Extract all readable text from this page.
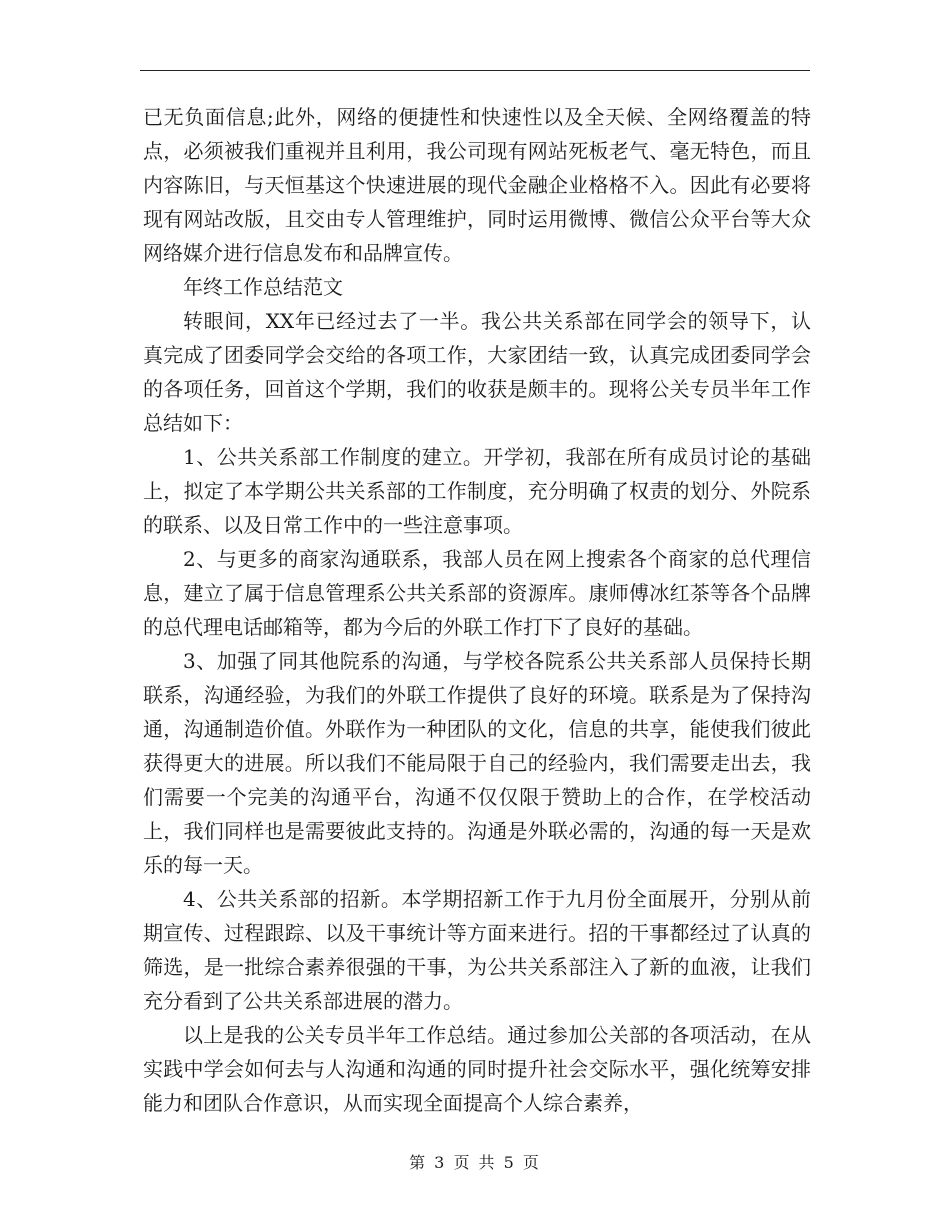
已无负面信息;此外，网络的便捷性和快速性以及全天候、全网络覆盖的特点，必须被我们重视并且利用，我公司现有网站死板老气、毫无特色，而且内容陈旧，与天恒基这个快速进展的现代金融企业格格不入。因此有必要将现有网站改版，且交由专人管理维护，同时运用微博、微信公众平台等大众网络媒介进行信息发布和品牌宣传。

年终工作总结范文

转眼间，XX年已经过去了一半。我公共关系部在同学会的领导下，认真完成了团委同学会交给的各项工作，大家团结一致，认真完成团委同学会的各项任务，回首这个学期，我们的收获是颇丰的。现将公关专员半年工作总结如下：

1、公共关系部工作制度的建立。开学初，我部在所有成员讨论的基础上，拟定了本学期公共关系部的工作制度，充分明确了权责的划分、外院系的联系、以及日常工作中的一些注意事项。

2、与更多的商家沟通联系，我部人员在网上搜索各个商家的总代理信息，建立了属于信息管理系公共关系部的资源库。康师傅冰红茶等各个品牌的总代理电话邮箱等，都为今后的外联工作打下了良好的基础。

3、加强了同其他院系的沟通，与学校各院系公共关系部人员保持长期联系，沟通经验，为我们的外联工作提供了良好的环境。联系是为了保持沟通，沟通制造价值。外联作为一种团队的文化，信息的共享，能使我们彼此获得更大的进展。所以我们不能局限于自己的经验内，我们需要走出去，我们需要一个完美的沟通平台，沟通不仅仅限于赞助上的合作，在学校活动上，我们同样也是需要彼此支持的。沟通是外联必需的，沟通的每一天是欢乐的每一天。

4、公共关系部的招新。本学期招新工作于九月份全面展开，分别从前期宣传、过程跟踪、以及干事统计等方面来进行。招的干事都经过了认真的筛选，是一批综合素养很强的干事，为公共关系部注入了新的血液，让我们充分看到了公共关系部进展的潜力。

以上是我的公关专员半年工作总结。通过参加公关部的各项活动，在从实践中学会如何去与人沟通和沟通的同时提升社会交际水平，强化统筹安排能力和团队合作意识，从而实现全面提高个人综合素养，

第 3 页 共 5 页
